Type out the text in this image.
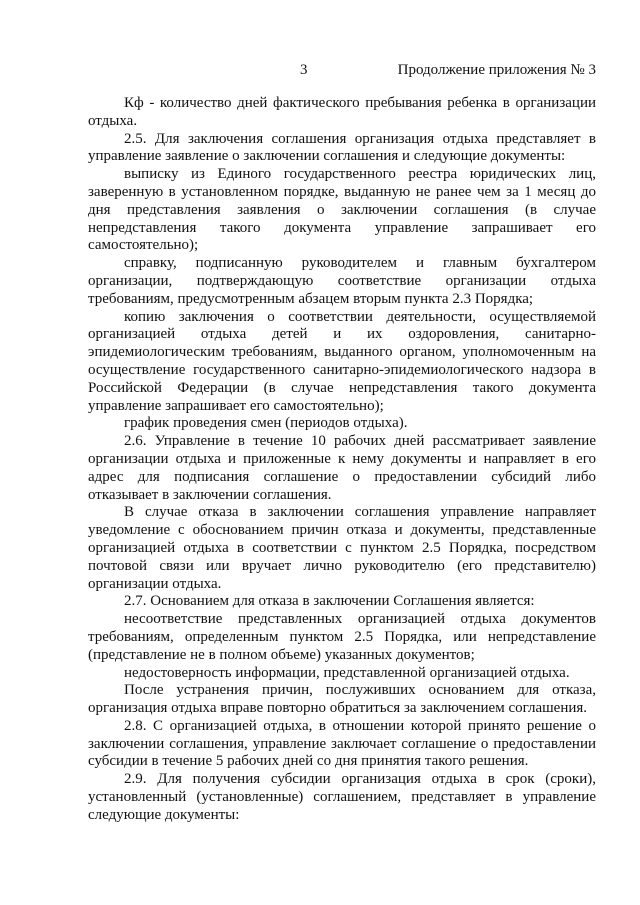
3	Продолжение приложения № 3

Кф - количество дней фактического пребывания ребенка в организации отдыха.

2.5. Для заключения соглашения организация отдыха представляет в управление заявление о заключении соглашения и следующие документы:

выписку из Единого государственного реестра юридических лиц, заверенную в установленном порядке, выданную не ранее чем за 1 месяц до дня представления заявления о заключении соглашения (в случае непредставления такого документа управление запрашивает его самостоятельно);

справку, подписанную руководителем и главным бухгалтером организации, подтверждающую соответствие организации отдыха требованиям, предусмотренным абзацем вторым пункта 2.3 Порядка;

копию заключения о соответствии деятельности, осуществляемой организацией отдыха детей и их оздоровления, санитарно-эпидемиологическим требованиям, выданного органом, уполномоченным на осуществление государственного санитарно-эпидемиологического надзора в Российской Федерации (в случае непредставления такого документа управление запрашивает его самостоятельно);

график проведения смен (периодов отдыха).

2.6. Управление в течение 10 рабочих дней рассматривает заявление организации отдыха и приложенные к нему документы и направляет в его адрес для подписания соглашение о предоставлении субсидий либо отказывает в заключении соглашения.

В случае отказа в заключении соглашения управление направляет уведомление с обоснованием причин отказа и документы, представленные организацией отдыха в соответствии с пунктом 2.5 Порядка, посредством почтовой связи или вручает лично руководителю (его представителю) организации отдыха.

2.7. Основанием для отказа в заключении Соглашения является:

несоответствие представленных организацией отдыха документов требованиям, определенным пунктом 2.5 Порядка, или непредставление (представление не в полном объеме) указанных документов;

недостоверность информации, представленной организацией отдыха.

После устранения причин, послуживших основанием для отказа, организация отдыха вправе повторно обратиться за заключением соглашения.

2.8. С организацией отдыха, в отношении которой принято решение о заключении соглашения, управление заключает соглашение о предоставлении субсидии в течение 5 рабочих дней со дня принятия такого решения.

2.9. Для получения субсидии организация отдыха в срок (сроки), установленный (установленные) соглашением, представляет в управление следующие документы:
